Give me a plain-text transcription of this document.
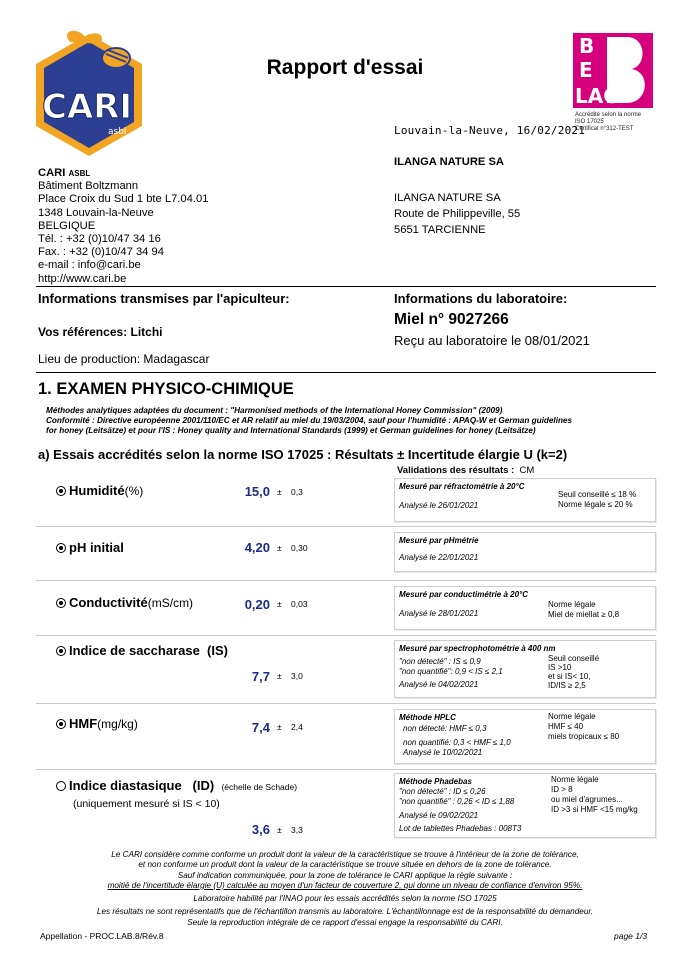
CARI
asbl
Rapport d'essai
B
E
LAC
Accrédité selon la norme
ISO 17025
Certificat n°312-TEST
CARI ASBL
Bâtiment Boltzmann
Place Croix du Sud 1 bte L7.04.01
1348 Louvain-la-Neuve
BELGIQUE
Tél. : +32 (0)10/47 34 16
Fax. : +32 (0)10/47 34 94
e-mail : info@cari.be
http://www.cari.be
Louvain-la-Neuve, 16/02/2021
ILANGA NATURE SA
ILANGA NATURE SA
Route de Philippeville, 55
5651 TARCIENNE
Informations transmises par l'apiculteur:
Vos références: Litchi
Lieu de production: Madagascar
Informations du laboratoire:
Miel n° 9027266
Reçu au laboratoire le 08/01/2021
1. EXAMEN PHYSICO-CHIMIQUE
Méthodes analytiques adaptées du document : "Harmonised methods of the International Honey Commission" (2009)
Conformité : Directive européenne 2001/110/EC et AR relatif au miel du 19/03/2004, sauf pour l'humidité : APAQ-W et German guidelines
for honey (Leitsätze) et pour l'IS : Honey quality and International Standards (1999) et German guidelines for honey (Leitsätze)
a) Essais accrédités selon la norme ISO 17025 : Résultats ± Incertitude élargie U (k=2)
Validations des résultats : CM
Humidité(%)	15,0 ± 0,3
Mesuré par réfractométrie à 20°C
Analysé le 26/01/2021
Seuil conseillé ≤ 18 %
Norme légale ≤ 20 %
pH initial	4,20 ± 0,30
Mesuré par pHmétrie
Analysé le 22/01/2021
Conductivité(mS/cm)	0,20 ± 0,03
Mesuré par conductimétrie à 20°C
Analysé le 28/01/2021
Norme légale
Miel de miellat ≥ 0,8
Indice de saccharase (IS)
7,7 ± 3,0
Mesuré par spectrophotométrie à 400 nm
"non détecté" : IS ≤ 0,9
"non quantifié": 0,9 < IS ≤ 2,1
Analysé le 04/02/2021
Seuil conseillé
IS >10
et si IS< 10,
ID/IS ≥ 2,5
HMF(mg/kg)	7,4 ± 2,4
Méthode HPLC
non détecté: HMF ≤ 0,3
non quantifié: 0,3 < HMF ≤ 1,0
Analysé le 10/02/2021
Norme légale
HMF ≤ 40
miels tropicaux ≤ 80
Indice diastasique (ID) (échelle de Schade)
(uniquement mesuré si IS < 10)
3,6 ± 3,3
Méthode Phadebas
"non détecté" : ID ≤ 0,26
"non quantifié" : 0,26 < ID ≤ 1,88
Analysé le 09/02/2021
Lot de tablettes Phadebas : 008T3
Norme légale
ID > 8
ou miel d'agrumes...
ID >3 si HMF <15 mg/kg
Le CARI considère comme conforme un produit dont la valeur de la caractéristique se trouve à l'intérieur de la zone de tolérance,
et non conforme un produit dont la valeur de la caractéristique se trouve située en dehors de la zone de tolérance.
Sauf indication communiquée, pour la zone de tolérance le CARI applique la règle suivante :
moitié de l'incertitude élargie (U) calculée au moyen d'un facteur de couverture 2, qui donne un niveau de confiance d'environ 95%.
Laboratoire habilité par l'INAO pour les essais accrédités selon la norme ISO 17025
Les résultats ne sont représentatifs que de l'échantillon transmis au laboratoire. L'échantillonnage est de la responsabilité du demandeur.
Seule la reproduction intégrale de ce rapport d'essai engage la responsabilité du CARI.
Appellation - PROC.LAB.8/Rév.8	page 1/3
